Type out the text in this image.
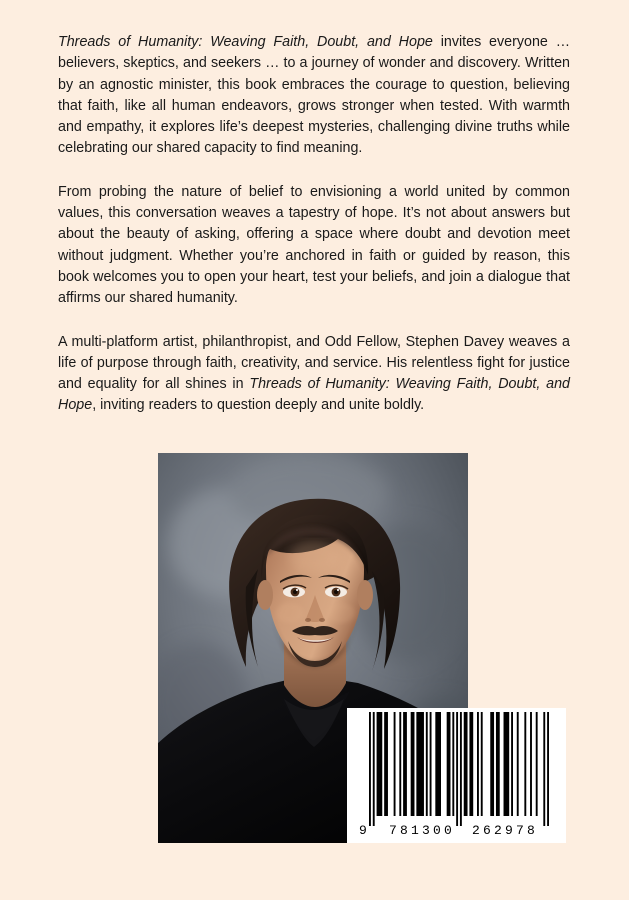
Threads of Humanity: Weaving Faith, Doubt, and Hope invites everyone … believers, skeptics, and seekers … to a journey of wonder and discovery. Written by an agnostic minister, this book embraces the courage to question, believing that faith, like all human endeavors, grows stronger when tested. With warmth and empathy, it explores life’s deepest mysteries, challenging divine truths while celebrating our shared capacity to find meaning.

From probing the nature of belief to envisioning a world united by common values, this conversation weaves a tapestry of hope. It’s not about answers but about the beauty of asking, offering a space where doubt and devotion meet without judgment. Whether you’re anchored in faith or guided by reason, this book welcomes you to open your heart, test your beliefs, and join a dialogue that affirms our shared humanity.

A multi-platform artist, philanthropist, and Odd Fellow, Stephen Davey weaves a life of purpose through faith, creativity, and service. His relentless fight for justice and equality for all shines in Threads of Humanity: Weaving Faith, Doubt, and Hope, inviting readers to question deeply and unite boldly.

9 781300 262978
